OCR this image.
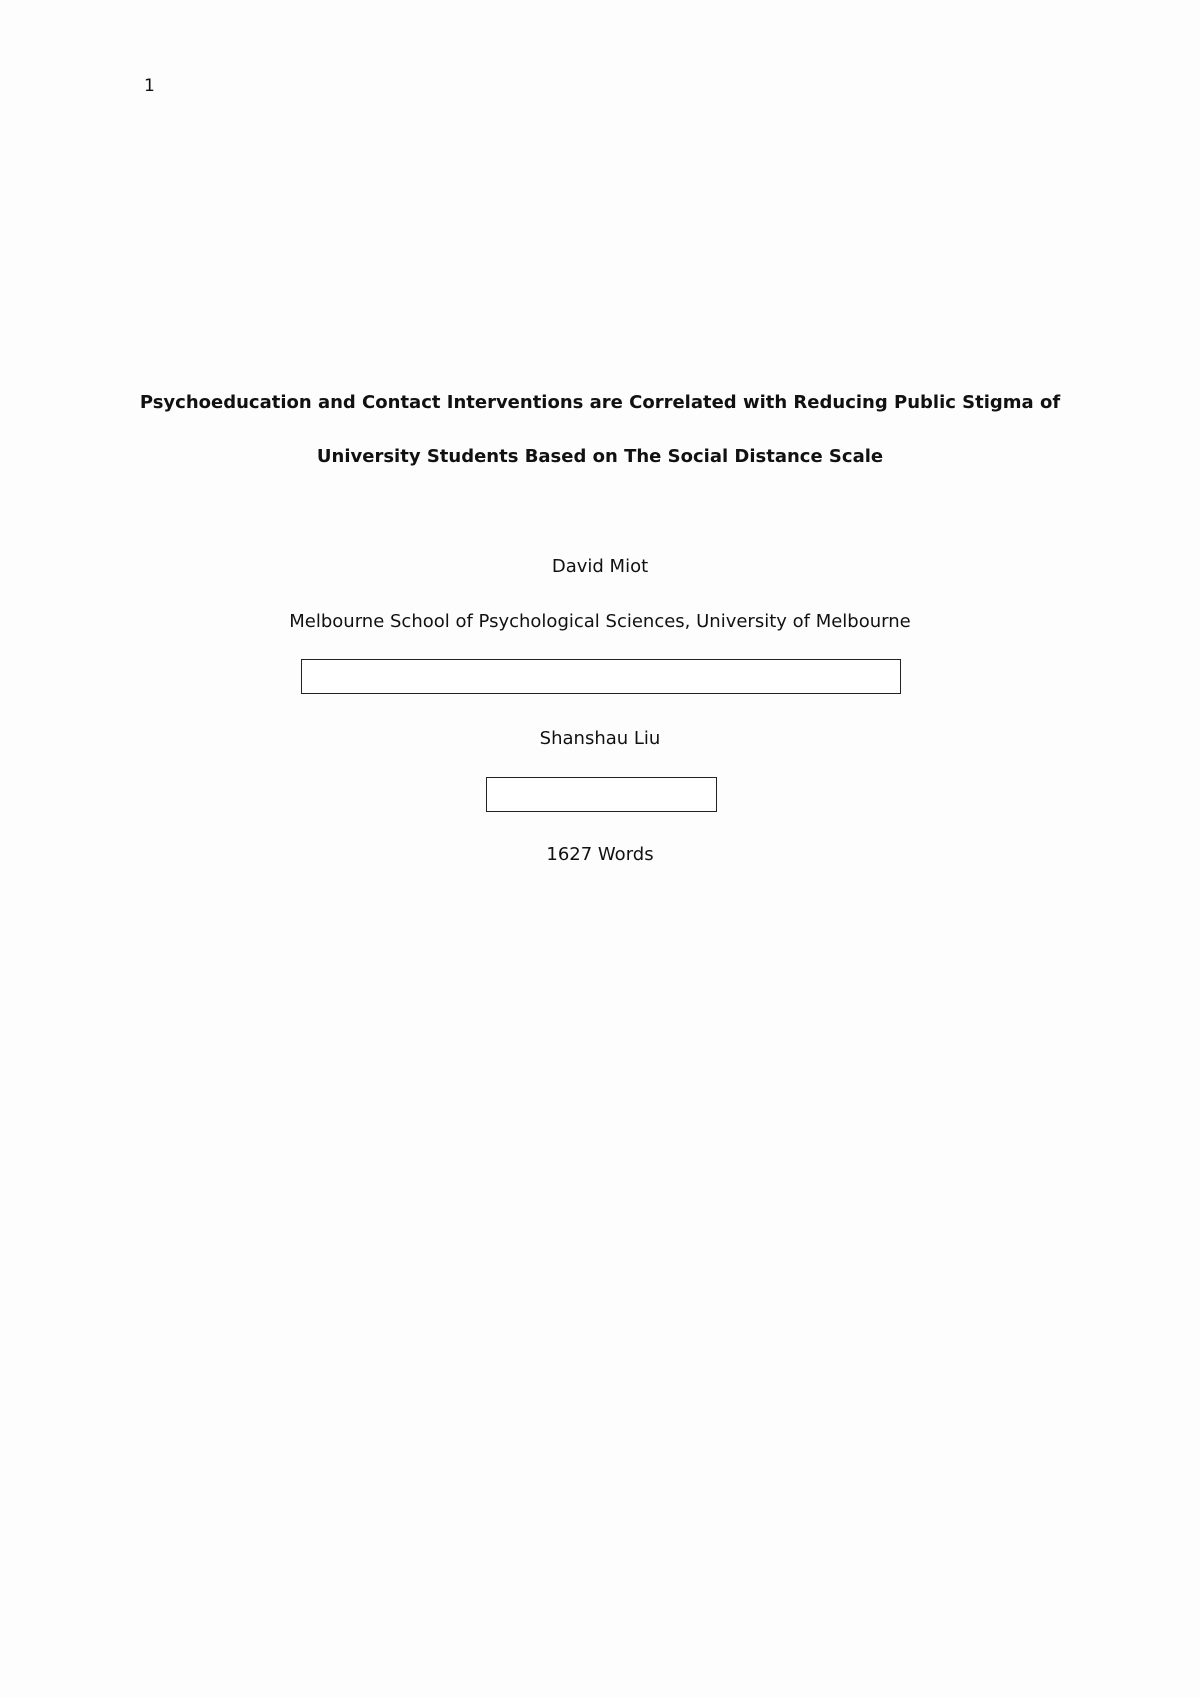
1
Psychoeducation and Contact Interventions are Correlated with Reducing Public Stigma of
University Students Based on The Social Distance Scale
David Miot
Melbourne School of Psychological Sciences, University of Melbourne
Shanshau Liu
1627 Words
